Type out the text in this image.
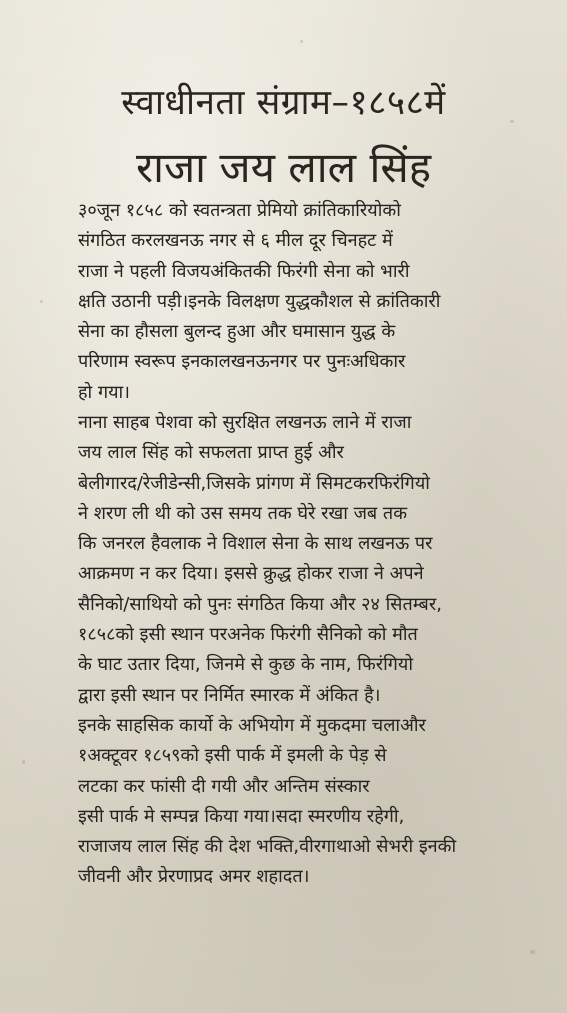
स्वाधीनता संग्राम–१८५८में
राजा जय लाल सिंह
३०जून १८५८ को स्वतन्त्रता प्रेमियो क्रांतिकारियोको
संगठित करलखनऊ नगर से ६ मील दूर चिनहट में
राजा ने पहली विजयअंकितकी फिरंगी सेना को भारी
क्षति उठानी पड़ी।इनके विलक्षण युद्धकौशल से क्रांतिकारी
सेना का हौसला बुलन्द हुआ और घमासान युद्ध के
परिणाम स्वरूप इनकालखनऊनगर पर पुनःअधिकार
हो गया।
नाना साहब पेशवा को सुरक्षित लखनऊ लाने में राजा
जय लाल सिंह को सफलता प्राप्त हुई और
बेलीगारद/रेजीडेन्सी,जिसके प्रांगण में सिमटकरफिरंगियो
ने शरण ली थी को उस समय तक घेरे रखा जब तक
कि जनरल हैवलाक ने विशाल सेना के साथ लखनऊ पर
आक्रमण न कर दिया। इससे क्रुद्ध होकर राजा ने अपने
सैनिको/साथियो को पुनः संगठित किया और २४ सितम्बर,
१८५८को इसी स्थान परअनेक फिरंगी सैनिको को मौत
के घाट उतार दिया, जिनमे से कुछ के नाम, फिरंगियो
द्वारा इसी स्थान पर निर्मित स्मारक में अंकित है।
इनके साहसिक कार्यो के अभियोग में मुकदमा चलाऔर
१अक्टूवर १८५९को इसी पार्क में इमली के पेड़ से
लटका कर फांसी दी गयी और अन्तिम संस्कार
इसी पार्क मे सम्पन्न किया गया।सदा स्मरणीय रहेगी,
राजाजय लाल सिंह की देश भक्ति,वीरगाथाओ सेभरी इनकी
जीवनी और प्रेरणाप्रद अमर शहादत।
